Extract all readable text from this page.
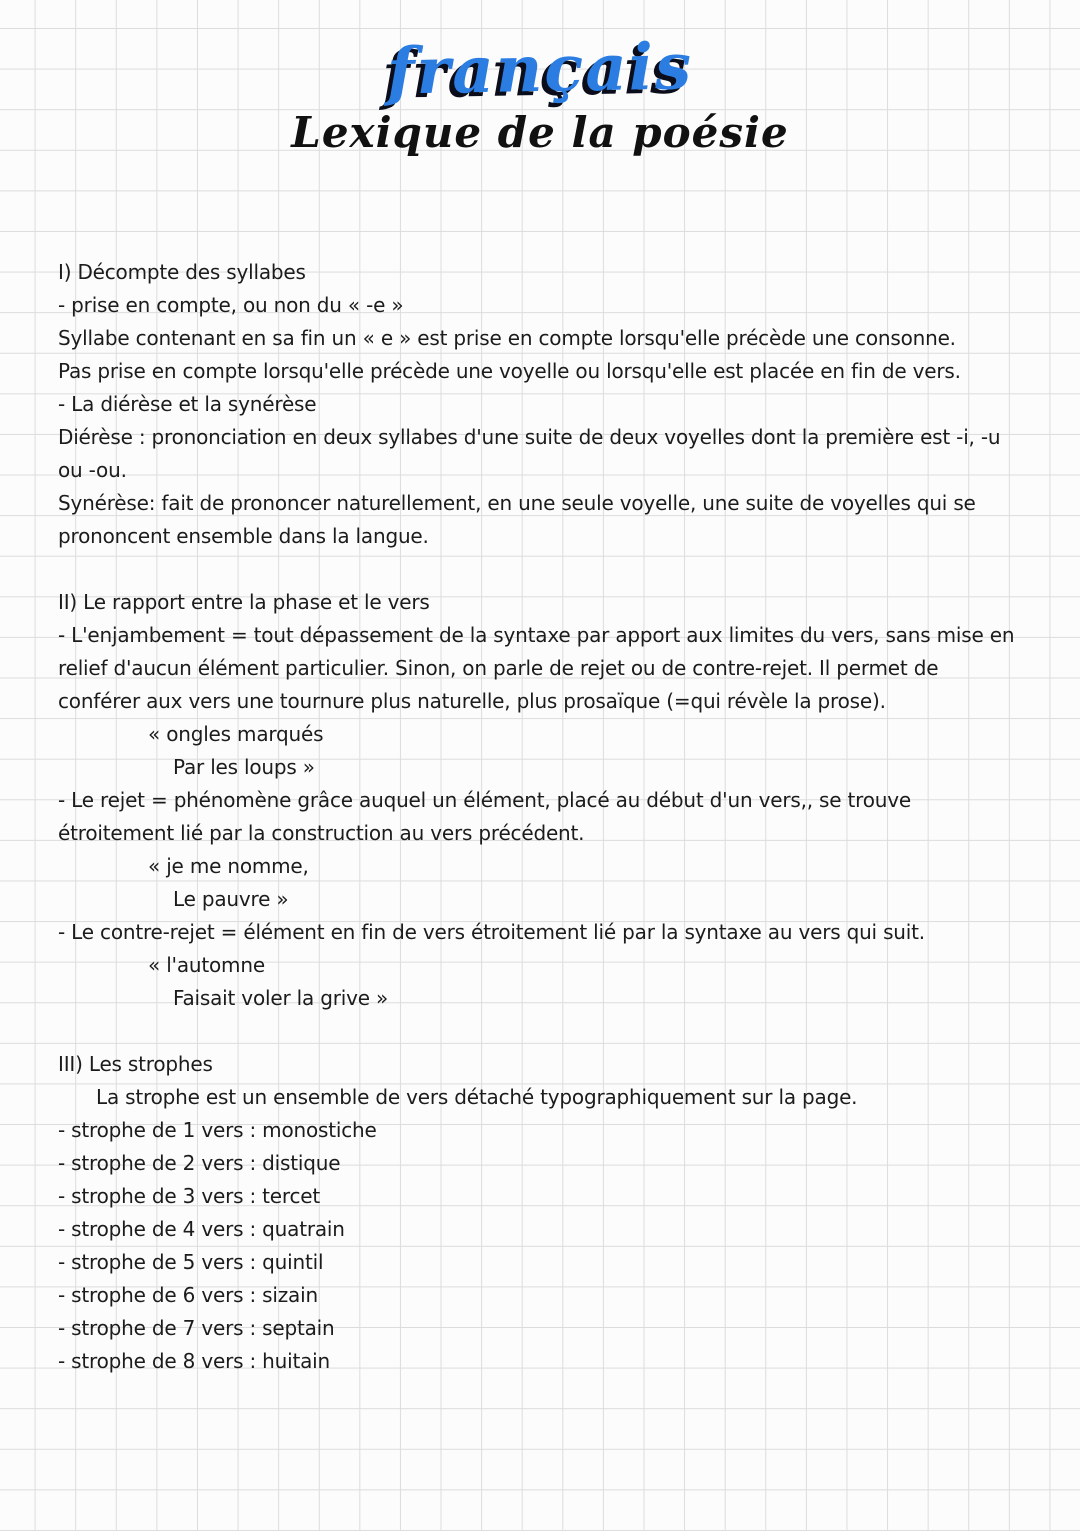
français
Lexique de la poésie
I) Décompte des syllabes
- prise en compte, ou non du « -e »
Syllabe contenant en sa fin un « e » est prise en compte lorsqu'elle précède une consonne.
Pas prise en compte lorsqu'elle précède une voyelle ou lorsqu'elle est placée en fin de vers.
- La diérèse et la synérèse
Diérèse : prononciation en deux syllabes d'une suite de deux voyelles dont la première est -i, -u
ou -ou.
Synérèse: fait de prononcer naturellement, en une seule voyelle, une suite de voyelles qui se
prononcent ensemble dans la langue.
II) Le rapport entre la phase et le vers
- L'enjambement = tout dépassement de la syntaxe par apport aux limites du vers, sans mise en
relief d'aucun élément particulier. Sinon, on parle de rejet ou de contre-rejet. Il permet de
conférer aux vers une tournure plus naturelle, plus prosaïque (=qui révèle la prose).
« ongles marqués
Par les loups »
- Le rejet = phénomène grâce auquel un élément, placé au début d'un vers,, se trouve
étroitement lié par la construction au vers précédent.
« je me nomme,
Le pauvre »
- Le contre-rejet = élément en fin de vers étroitement lié par la syntaxe au vers qui suit.
« l'automne
Faisait voler la grive »
III) Les strophes
La strophe est un ensemble de vers détaché typographiquement sur la page.
- strophe de 1 vers : monostiche
- strophe de 2 vers : distique
- strophe de 3 vers : tercet
- strophe de 4 vers : quatrain
- strophe de 5 vers : quintil
- strophe de 6 vers : sizain
- strophe de 7 vers : septain
- strophe de 8 vers : huitain
